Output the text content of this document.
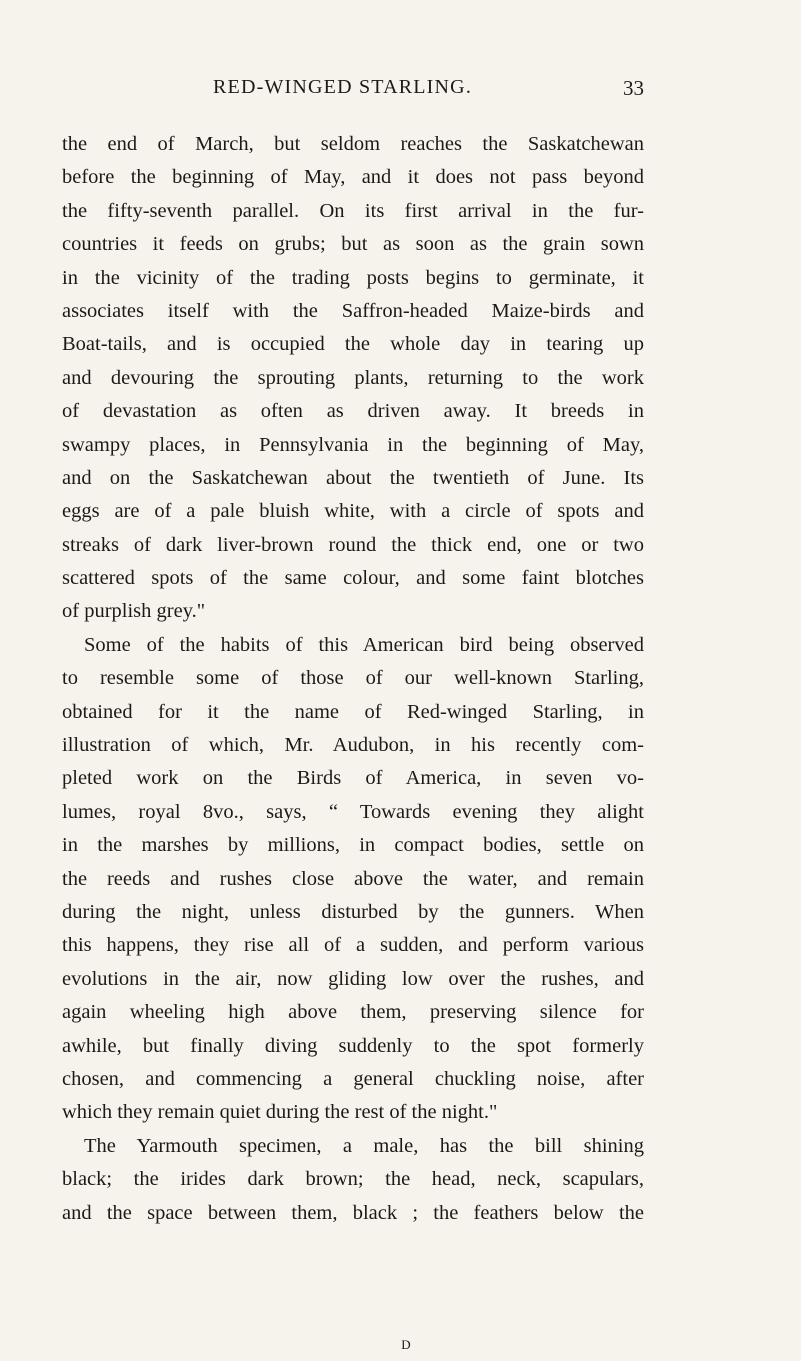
RED-WINGED STARLING.	33
the end of March, but seldom reaches the Saskatchewan
before the beginning of May, and it does not pass beyond
the fifty-seventh parallel. On its first arrival in the fur-
countries it feeds on grubs; but as soon as the grain sown
in the vicinity of the trading posts begins to germinate, it
associates itself with the Saffron-headed Maize-birds and
Boat-tails, and is occupied the whole day in tearing up
and devouring the sprouting plants, returning to the work
of devastation as often as driven away. It breeds in
swampy places, in Pennsylvania in the beginning of May,
and on the Saskatchewan about the twentieth of June. Its
eggs are of a pale bluish white, with a circle of spots and
streaks of dark liver-brown round the thick end, one or two
scattered spots of the same colour, and some faint blotches
of purplish grey."
Some of the habits of this American bird being observed
to resemble some of those of our well-known Starling,
obtained for it the name of Red-winged Starling, in
illustration of which, Mr. Audubon, in his recently com-
pleted work on the Birds of America, in seven vo-
lumes, royal 8vo., says, “ Towards evening they alight
in the marshes by millions, in compact bodies, settle on
the reeds and rushes close above the water, and remain
during the night, unless disturbed by the gunners. When
this happens, they rise all of a sudden, and perform various
evolutions in the air, now gliding low over the rushes, and
again wheeling high above them, preserving silence for
awhile, but finally diving suddenly to the spot formerly
chosen, and commencing a general chuckling noise, after
which they remain quiet during the rest of the night."
The Yarmouth specimen, a male, has the bill shining
black; the irides dark brown; the head, neck, scapulars,
and the space between them, black ; the feathers below the
D
